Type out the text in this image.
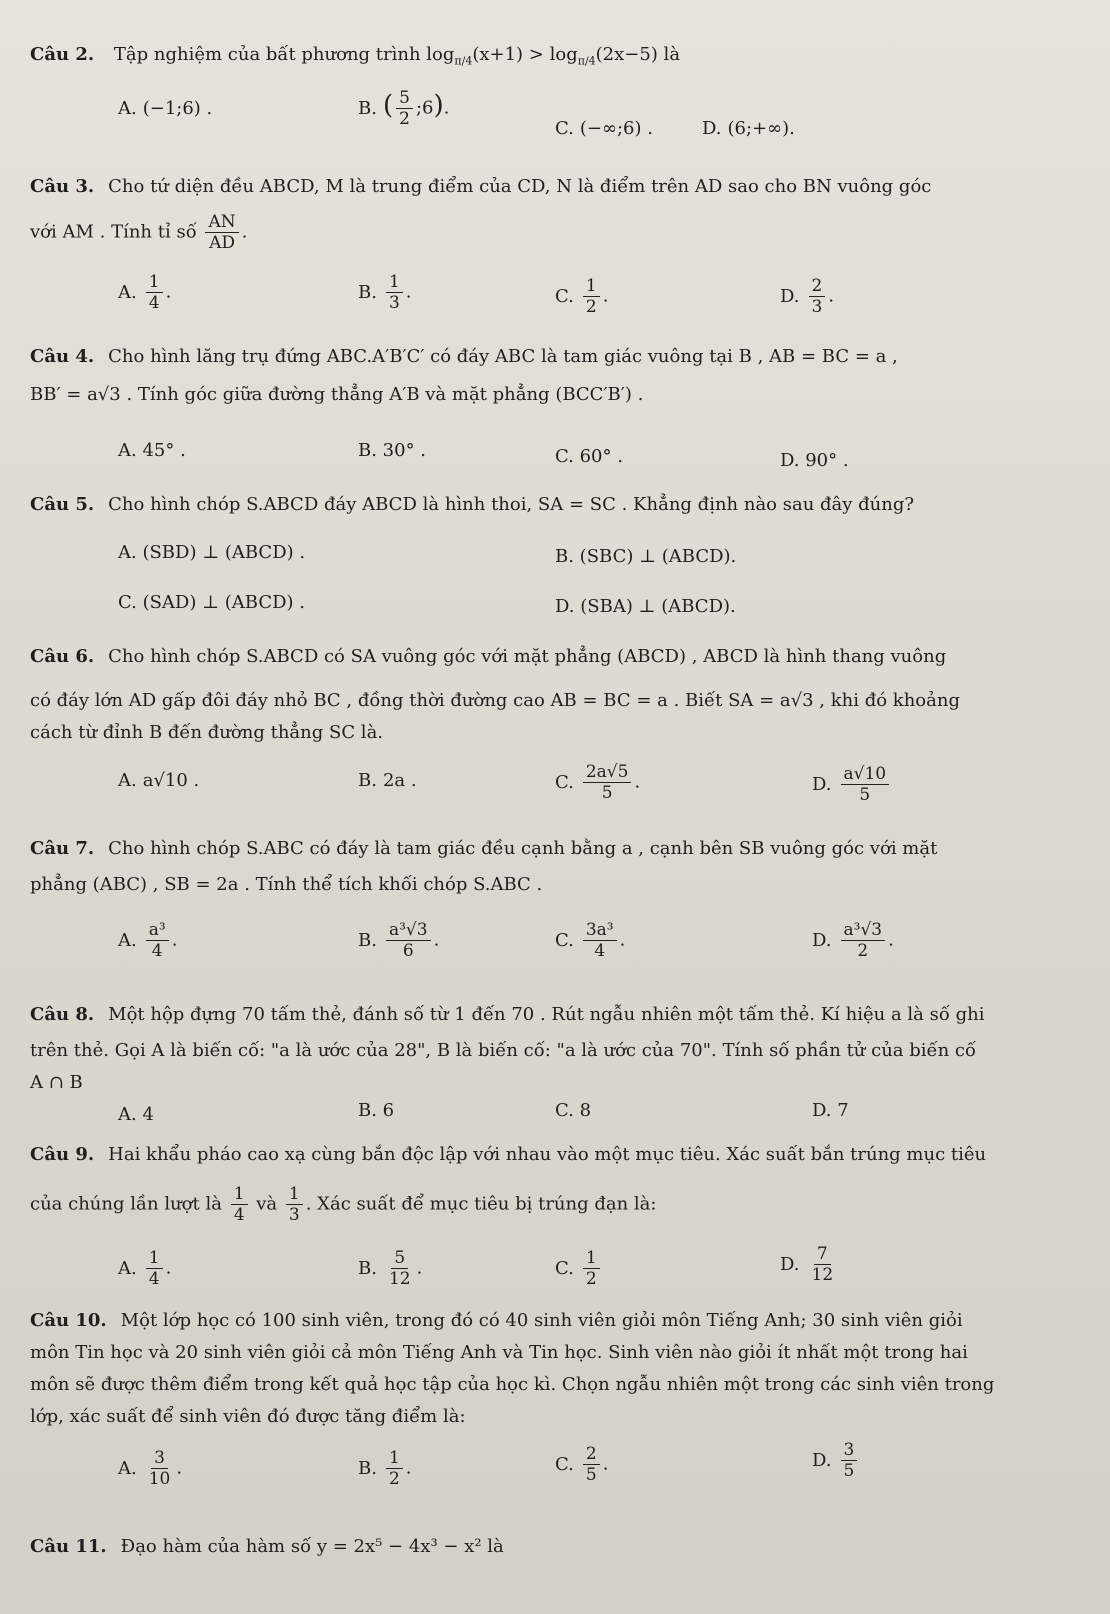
Câu 2. Tập nghiệm của bất phương trình $\log_{\pi/4}(x+1) > \log_{\pi/4}(2x-5)$ là
A. (−1;6) .	B. ( $\frac{5}{2}$ ;6).
C. (−∞;6) .	D. (6;+∞).
Câu 3. Cho tứ diện đều ABCD, M là trung điểm của CD, N là điểm trên AD sao cho BN vuông góc
với AM . Tính tỉ số $\frac{AN}{AD}$ .
A. $\frac{1}{4}$ .	B. $\frac{1}{3}$ .	C. $\frac{1}{2}$ .	D. $\frac{2}{3}$ .
Câu 4. Cho hình lăng trụ đứng ABC.A′B′C′ có đáy ABC là tam giác vuông tại B , AB = BC = a ,
BB′ = a√3 . Tính góc giữa đường thẳng A′B và mặt phẳng (BCC′B′) .
A. 45° .	B. 30° .	C. 60° .	D. 90° .
Câu 5. Cho hình chóp S.ABCD đáy ABCD là hình thoi, SA = SC . Khẳng định nào sau đây đúng?
A. (SBD) ⊥ (ABCD) .	B. (SBC) ⊥ (ABCD).
C. (SAD) ⊥ (ABCD) .	D. (SBA) ⊥ (ABCD).
Câu 6. Cho hình chóp S.ABCD có SA vuông góc với mặt phẳng (ABCD) , ABCD là hình thang vuông
có đáy lớn AD gấp đôi đáy nhỏ BC , đồng thời đường cao AB = BC = a . Biết SA = a√3 , khi đó khoảng
cách từ đỉnh B đến đường thẳng SC là.
A. a√10 .	B. 2a .	C. $\frac{2a√5}{5}$ .	D. $\frac{a√10}{5}$
Câu 7. Cho hình chóp S.ABC có đáy là tam giác đều cạnh bằng a , cạnh bên SB vuông góc với mặt
phẳng (ABC) , SB = 2a . Tính thể tích khối chóp S.ABC .
A. $\frac{\text{a³}}{4}$ .	B. $\frac{\text{a³√3}}{6}$ .	C. $\frac{\text{3a³}}{4}$ .	D. $\frac{\text{a³√3}}{2}$ .
Câu 8. Một hộp đựng 70 tấm thẻ, đánh số từ 1 đến 70 . Rút ngẫu nhiên một tấm thẻ. Kí hiệu a là số ghi
trên thẻ. Gọi A là biến cố: "a là ước của 28", B là biến cố: "a là ước của 70". Tính số phần tử của biến cố
A ∩ B
A. 4	B. 6	C. 8	D. 7
Câu 9. Hai khẩu pháo cao xạ cùng bắn độc lập với nhau vào một mục tiêu. Xác suất bắn trúng mục tiêu
của chúng lần lượt là $\frac{1}{4}$ và $\frac{1}{3}$ . Xác suất để mục tiêu bị trúng đạn là:
A. $\frac{1}{4}$ .	B. $\frac{5}{12}$ .	C. $\frac{1}{2}$	D. $\frac{7}{12}$
Câu 10. Một lớp học có 100 sinh viên, trong đó có 40 sinh viên giỏi môn Tiếng Anh; 30 sinh viên giỏi
môn Tin học và 20 sinh viên giỏi cả môn Tiếng Anh và Tin học. Sinh viên nào giỏi ít nhất một trong hai
môn sẽ được thêm điểm trong kết quả học tập của học kì. Chọn ngẫu nhiên một trong các sinh viên trong
lớp, xác suất để sinh viên đó được tăng điểm là:
A. $\frac{3}{10}$ .	B. $\frac{1}{2}$ .	C. $\frac{2}{5}$ .	D. $\frac{3}{5}$
Câu 11. Đạo hàm của hàm số y = 2x⁵ − 4x³ − x² là
